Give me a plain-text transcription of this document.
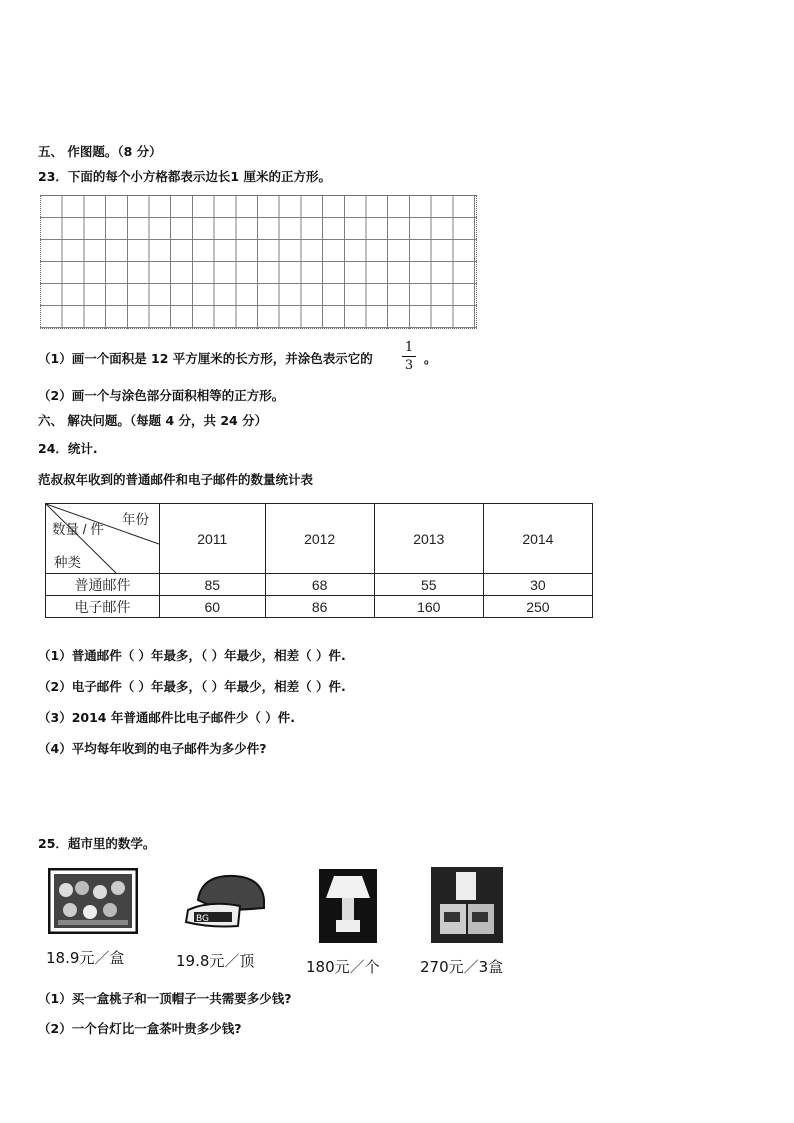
五、 作图题。（8 分）
23．下面的每个小方格都表示边长1 厘米的正方形。
（1）画一个面积是 12 平方厘米的长方形，并涂色表示它的
1
3 。
（2）画一个与涂色部分面积相等的正方形。
六、 解决问题。（每题 4 分，共 24 分）
24．统计.
范叔叔年收到的普通邮件和电子邮件的数量统计表
年份
数量 / 件
种类	2011	2012	2013	2014
普通邮件	85	68	55	30
电子邮件	60	86	160	250
（1）普通邮件（ ）年最多，（ ）年最少，相差（ ）件.
（2）电子邮件（ ）年最多，（ ）年最少，相差（ ）件.
（3）2014 年普通邮件比电子邮件少（ ）件.
（4）平均每年收到的电子邮件为多少件?
25．超市里的数学。
BG
18.9元／盒	19.8元／顶	180元／个	270元／3盒
（1）买一盒桃子和一顶帽子一共需要多少钱?
（2）一个台灯比一盒茶叶贵多少钱?
